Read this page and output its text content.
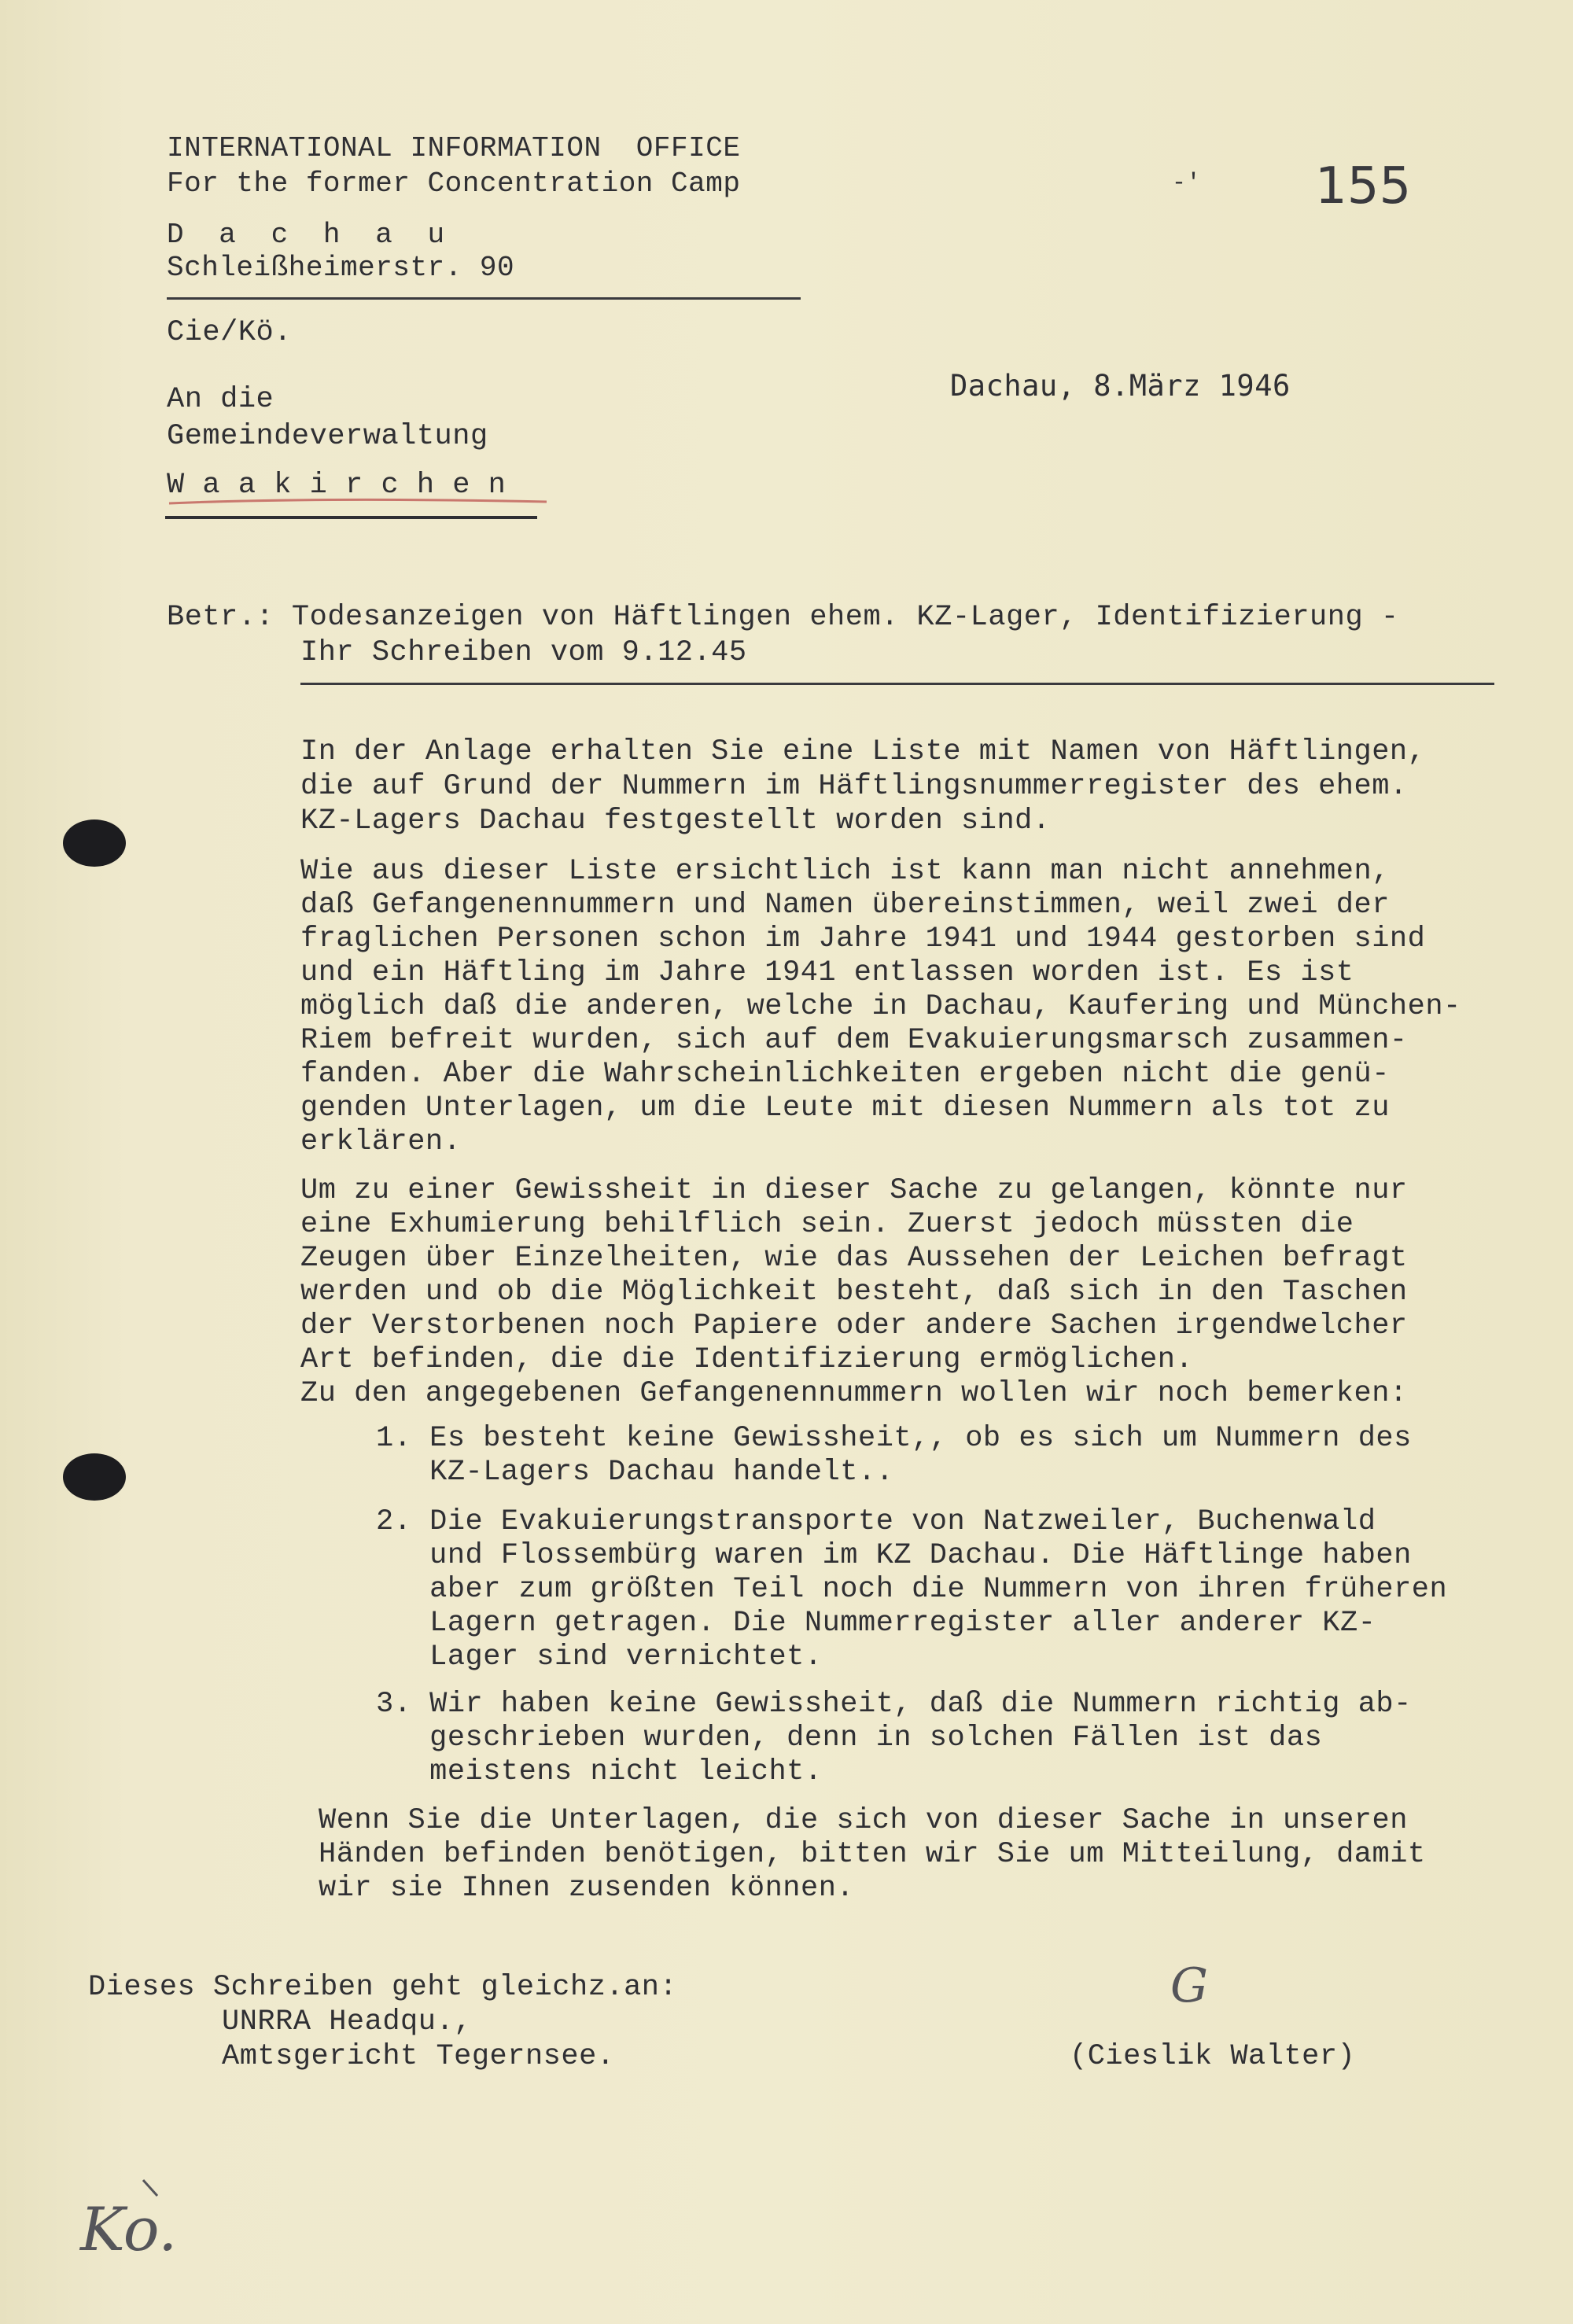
INTERNATIONAL INFORMATION  OFFICE
For the former Concentration Camp
D  a  c  h  a  u
Schleißheimerstr. 90
-' 155
Cie/Kö.
Dachau, 8.März 1946
An die
Gemeindeverwaltung
W a a k i r c h e n
Betr.: Todesanzeigen von Häftlingen ehem. KZ-Lager, Identifizierung -
Ihr Schreiben vom 9.12.45
In der Anlage erhalten Sie eine Liste mit Namen von Häftlingen,
die auf Grund der Nummern im Häftlingsnummerregister des ehem.
KZ-Lagers Dachau festgestellt worden sind.
Wie aus dieser Liste ersichtlich ist kann man nicht annehmen,
daß Gefangenennummern und Namen übereinstimmen, weil zwei der
fraglichen Personen schon im Jahre 1941 und 1944 gestorben sind
und ein Häftling im Jahre 1941 entlassen worden ist. Es ist
möglich daß die anderen, welche in Dachau, Kaufering und München-
Riem befreit wurden, sich auf dem Evakuierungsmarsch zusammen-
fanden. Aber die Wahrscheinlichkeiten ergeben nicht die genü-
genden Unterlagen, um die Leute mit diesen Nummern als tot zu
erklären.
Um zu einer Gewissheit in dieser Sache zu gelangen, könnte nur
eine Exhumierung behilflich sein. Zuerst jedoch müssten die
Zeugen über Einzelheiten, wie das Aussehen der Leichen befragt
werden und ob die Möglichkeit besteht, daß sich in den Taschen
der Verstorbenen noch Papiere oder andere Sachen irgendwelcher
Art befinden, die die Identifizierung ermöglichen.
Zu den angegebenen Gefangenennummern wollen wir noch bemerken:
1. Es besteht keine Gewissheit,, ob es sich um Nummern des
KZ-Lagers Dachau handelt..
2. Die Evakuierungstransporte von Natzweiler, Buchenwald
und Flossembürg waren im KZ Dachau. Die Häftlinge haben
aber zum größten Teil noch die Nummern von ihren früheren
Lagern getragen. Die Nummerregister aller anderer KZ-
Lager sind vernichtet.
3. Wir haben keine Gewissheit, daß die Nummern richtig ab-
geschrieben wurden, denn in solchen Fällen ist das
meistens nicht leicht.
Wenn Sie die Unterlagen, die sich von dieser Sache in unseren
Händen befinden benötigen, bitten wir Sie um Mitteilung, damit
wir sie Ihnen zusenden können.
Dieses Schreiben geht gleichz.an:
UNRRA Headqu.,
Amtsgericht Tegernsee.
G
(Cieslik Walter)
Ko.
